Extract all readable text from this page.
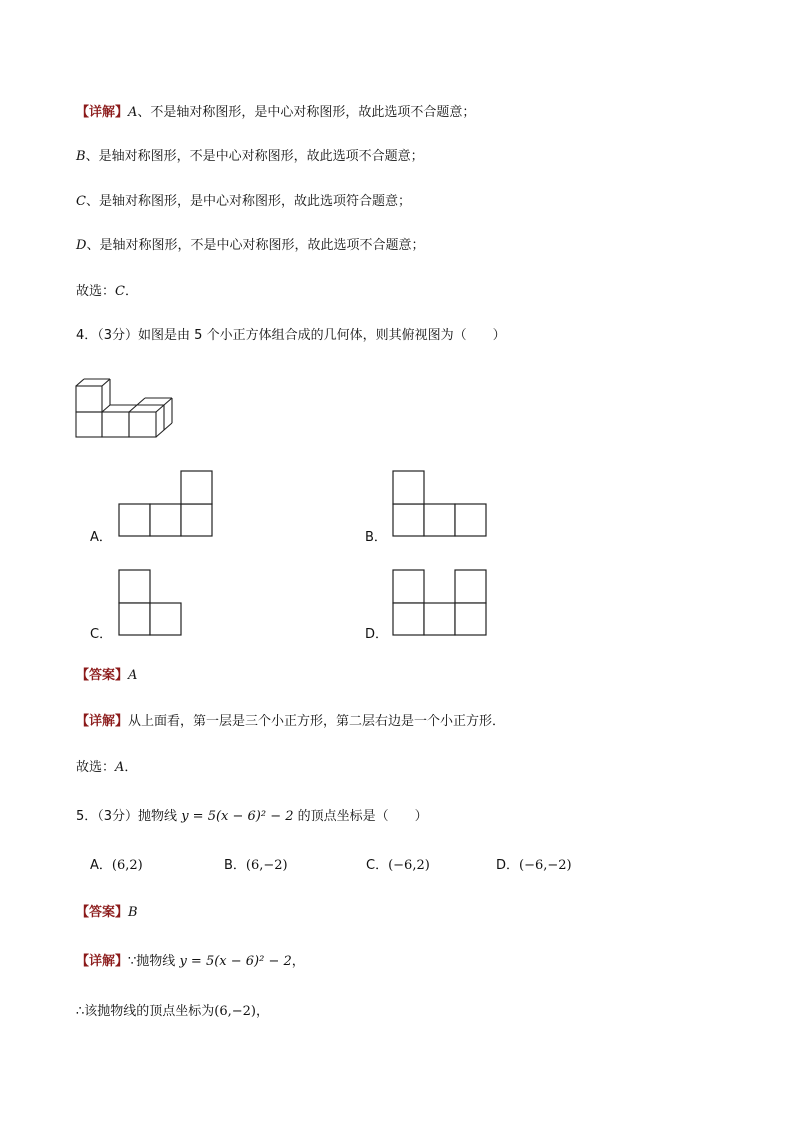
【详解】A、不是轴对称图形，是中心对称图形，故此选项不合题意；
B、是轴对称图形，不是中心对称图形，故此选项不合题意；
C、是轴对称图形，是中心对称图形，故此选项符合题意；
D、是轴对称图形，不是中心对称图形，故此选项不合题意；
故选：C．
4．（3分）如图是由 5 个小正方体组合成的几何体，则其俯视图为（　　）
A．	B．
C．	D．
【答案】A
【详解】从上面看，第一层是三个小正方形，第二层右边是一个小正方形．
故选：A．
5．（3分）抛物线 y = 5(x − 6)² − 2 的顶点坐标是（　　）
A．(6,2)	B．(6,−2)	C．(−6,2)	D．(−6,−2)
【答案】B
【详解】∵抛物线 y = 5(x − 6)² − 2，
∴该抛物线的顶点坐标为(6,−2)，
